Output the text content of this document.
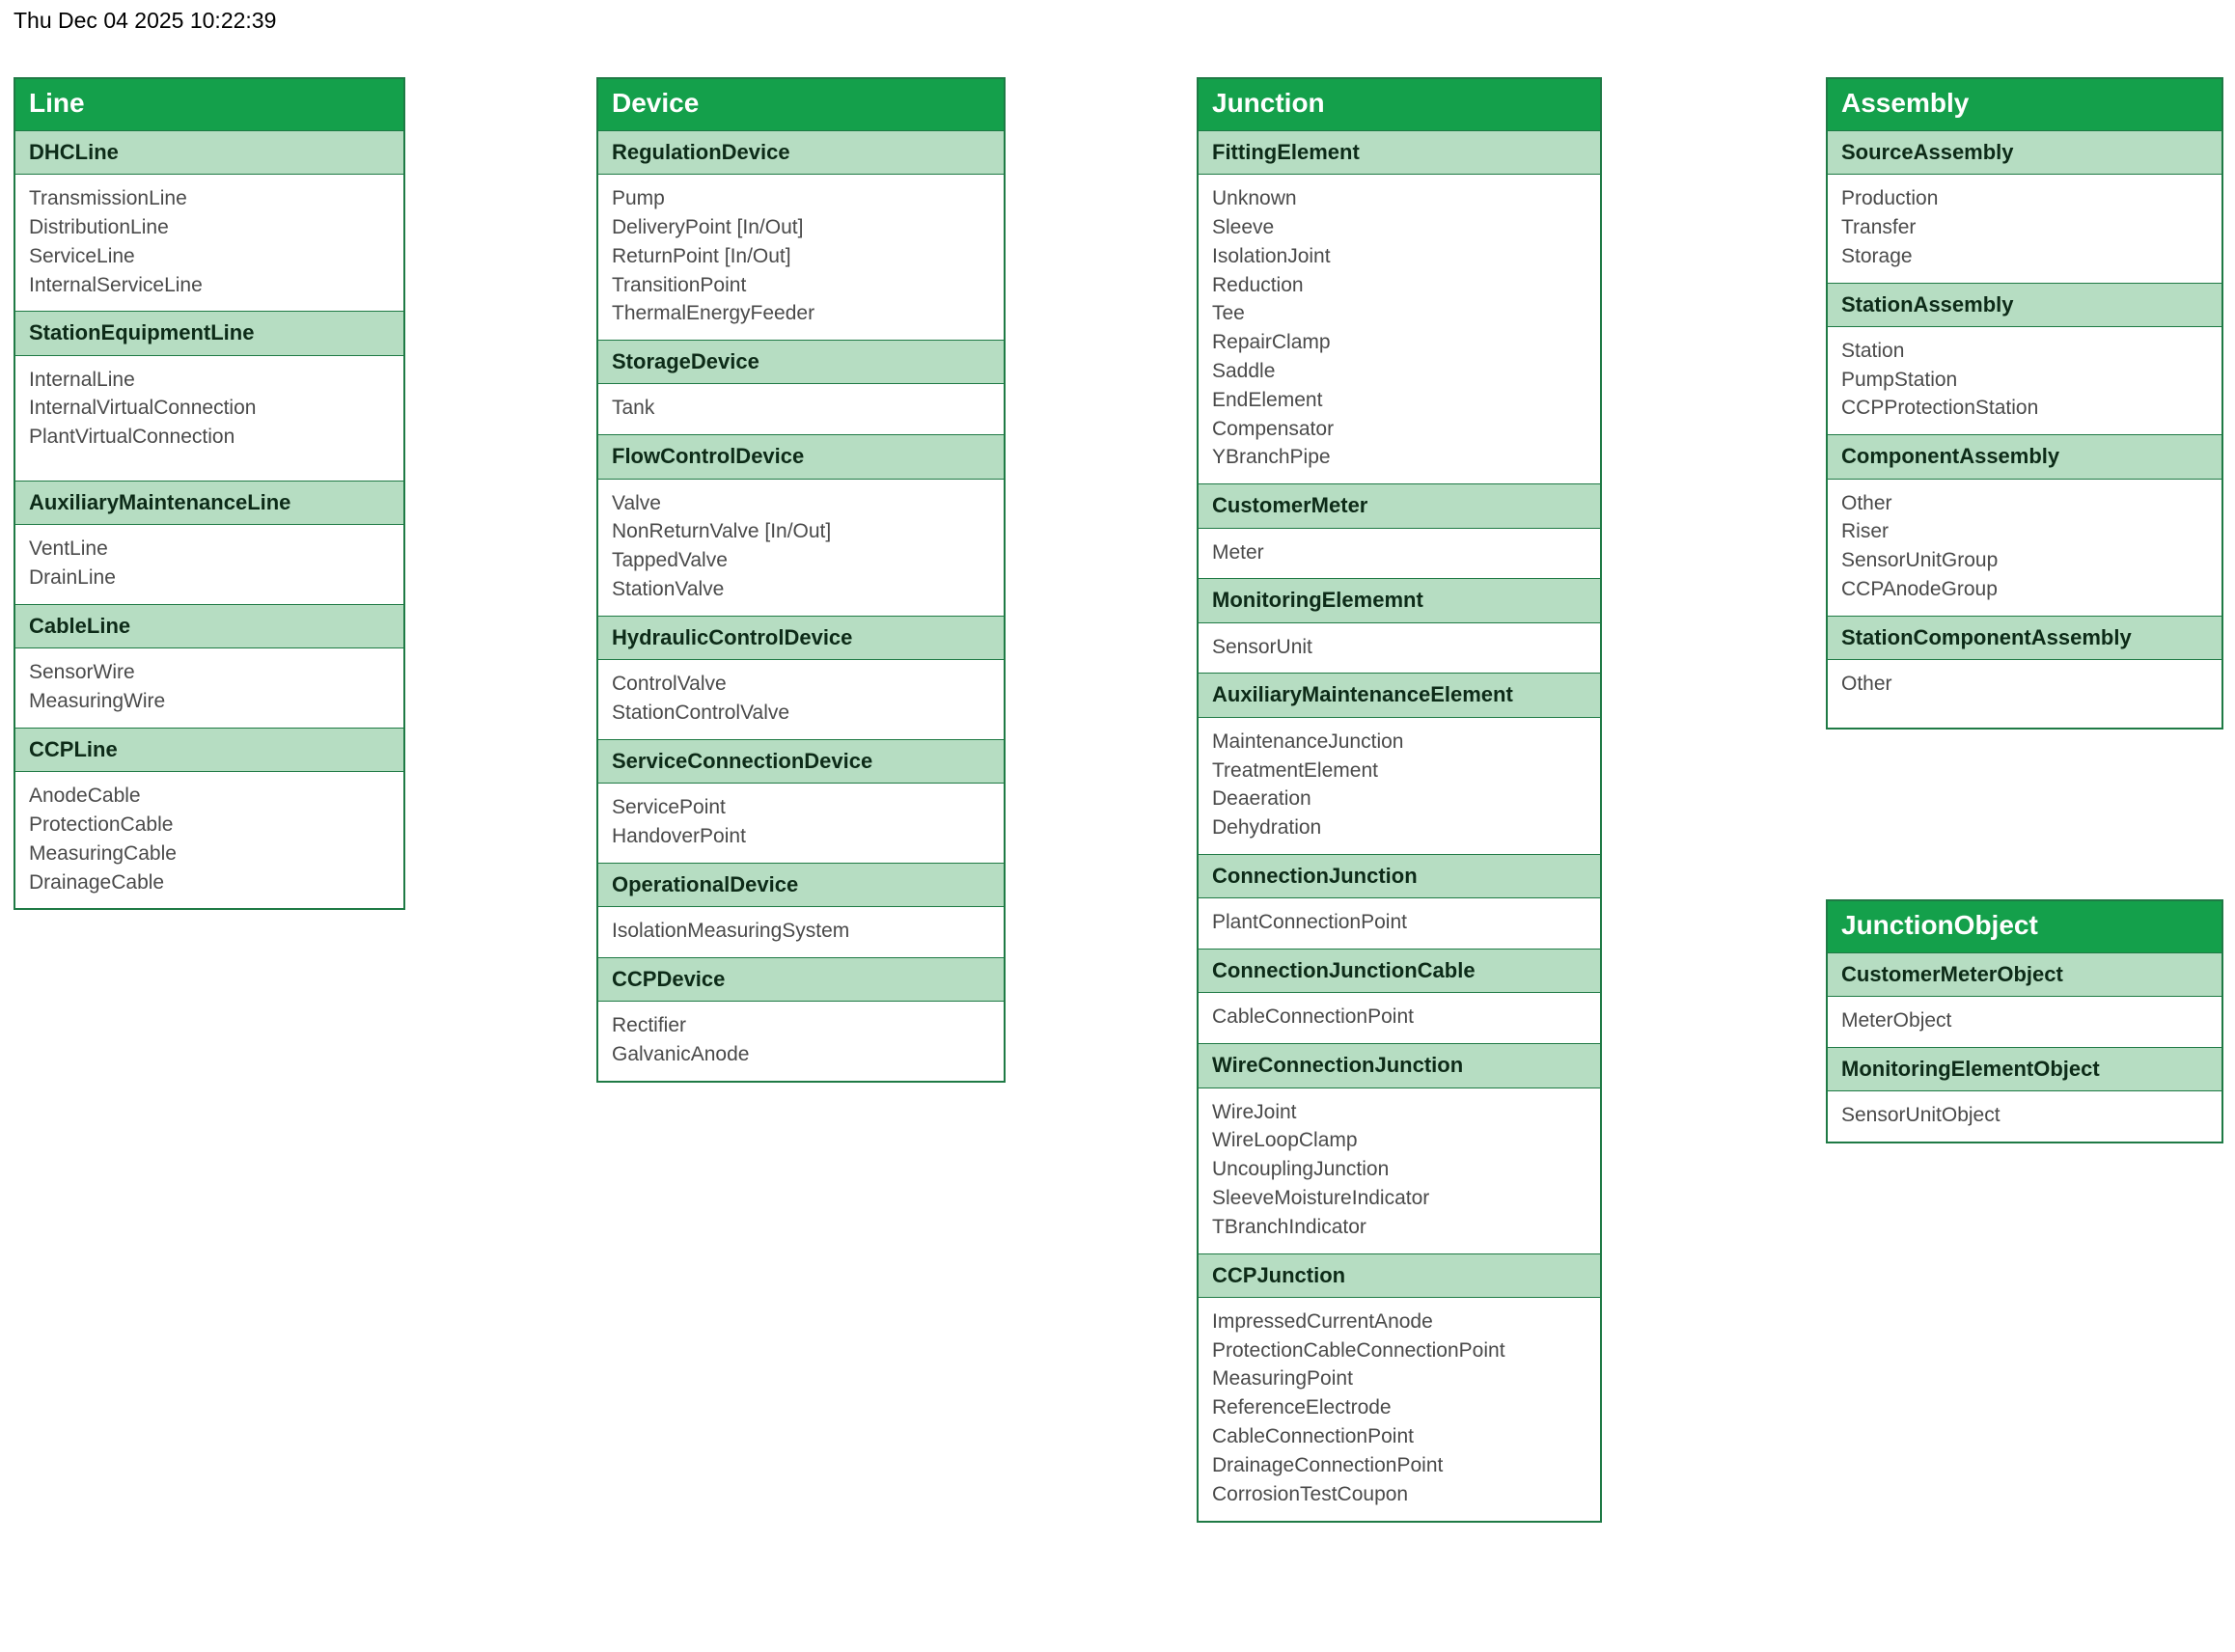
Thu Dec 04 2025 10:22:39
Line
DHCLine
TransmissionLine
DistributionLine
ServiceLine
InternalServiceLine
StationEquipmentLine
InternalLine
InternalVirtualConnection
PlantVirtualConnection
AuxiliaryMaintenanceLine
VentLine
DrainLine
CableLine
SensorWire
MeasuringWire
CCPLine
AnodeCable
ProtectionCable
MeasuringCable
DrainageCable
Device
RegulationDevice
Pump
DeliveryPoint [In/Out]
ReturnPoint [In/Out]
TransitionPoint
ThermalEnergyFeeder
StorageDevice
Tank
FlowControlDevice
Valve
NonReturnValve [In/Out]
TappedValve
StationValve
HydraulicControlDevice
ControlValve
StationControlValve
ServiceConnectionDevice
ServicePoint
HandoverPoint
OperationalDevice
IsolationMeasuringSystem
CCPDevice
Rectifier
GalvanicAnode
Junction
FittingElement
Unknown
Sleeve
IsolationJoint
Reduction
Tee
RepairClamp
Saddle
EndElement
Compensator
YBranchPipe
CustomerMeter
Meter
MonitoringElememnt
SensorUnit
AuxiliaryMaintenanceElement
MaintenanceJunction
TreatmentElement
Deaeration
Dehydration
ConnectionJunction
PlantConnectionPoint
ConnectionJunctionCable
CableConnectionPoint
WireConnectionJunction
WireJoint
WireLoopClamp
UncouplingJunction
SleeveMoistureIndicator
TBranchIndicator
CCPJunction
ImpressedCurrentAnode
ProtectionCableConnectionPoint
MeasuringPoint
ReferenceElectrode
CableConnectionPoint
DrainageConnectionPoint
CorrosionTestCoupon
Assembly
SourceAssembly
Production
Transfer
Storage
StationAssembly
Station
PumpStation
CCPProtectionStation
ComponentAssembly
Other
Riser
SensorUnitGroup
CCPAnodeGroup
StationComponentAssembly
Other
JunctionObject
CustomerMeterObject
MeterObject
MonitoringElementObject
SensorUnitObject
